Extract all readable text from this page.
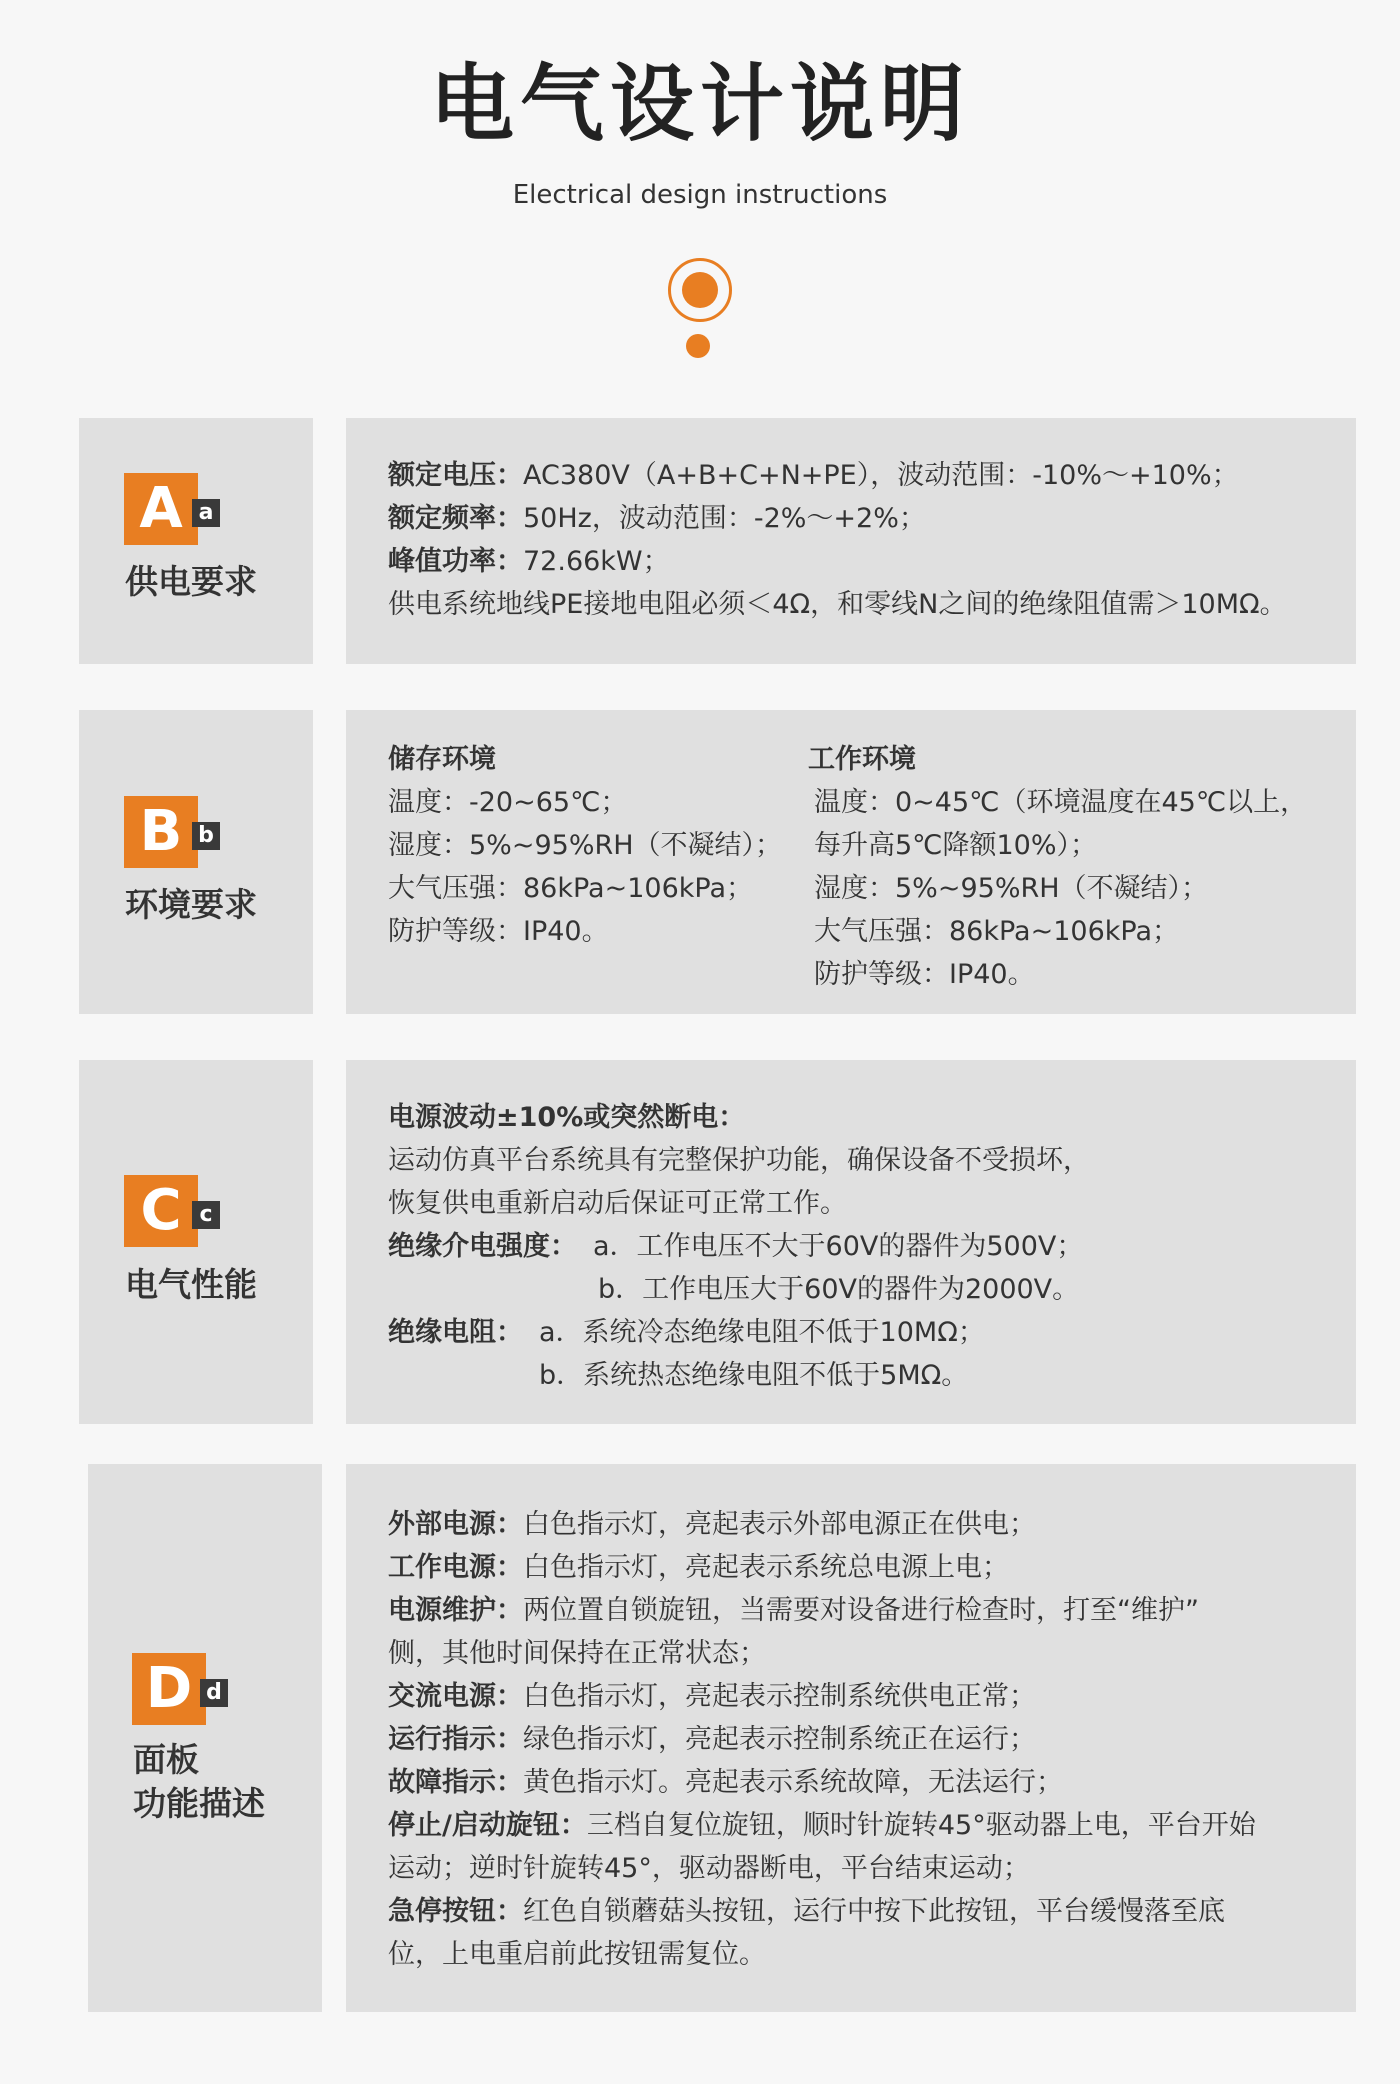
电气设计说明
Electrical design instructions
A a
供电要求
额定电压：AC380V（A+B+C+N+PE），波动范围：-10%～+10%；
额定频率：50Hz，波动范围：-2%～+2%；
峰值功率：72.66kW；
供电系统地线PE接地电阻必须＜4Ω，和零线N之间的绝缘阻值需＞10MΩ。
B b
环境要求
储存环境
温度：-20~65℃；
湿度：5%~95%RH（不凝结）；
大气压强：86kPa~106kPa；
防护等级：IP40。
工作环境
温度：0~45℃（环境温度在45℃以上，
每升高5℃降额10%）；
湿度：5%~95%RH（不凝结）；
大气压强：86kPa~106kPa；
防护等级：IP40。
C c
电气性能
电源波动±10%或突然断电：
运动仿真平台系统具有完整保护功能，确保设备不受损坏，
恢复供电重新启动后保证可正常工作。
绝缘介电强度： a．工作电压不大于60V的器件为500V；
b．工作电压大于60V的器件为2000V。
绝缘电阻： a．系统冷态绝缘电阻不低于10MΩ；
b．系统热态绝缘电阻不低于5MΩ。
D d
面板
功能描述
外部电源：白色指示灯，亮起表示外部电源正在供电；
工作电源：白色指示灯，亮起表示系统总电源上电；
电源维护：两位置自锁旋钮，当需要对设备进行检查时，打至“维护”
侧，其他时间保持在正常状态；
交流电源：白色指示灯，亮起表示控制系统供电正常；
运行指示：绿色指示灯，亮起表示控制系统正在运行；
故障指示：黄色指示灯。亮起表示系统故障，无法运行；
停止/启动旋钮：三档自复位旋钮，顺时针旋转45°驱动器上电，平台开始
运动；逆时针旋转45°，驱动器断电，平台结束运动；
急停按钮：红色自锁蘑菇头按钮，运行中按下此按钮，平台缓慢落至底
位，上电重启前此按钮需复位。
